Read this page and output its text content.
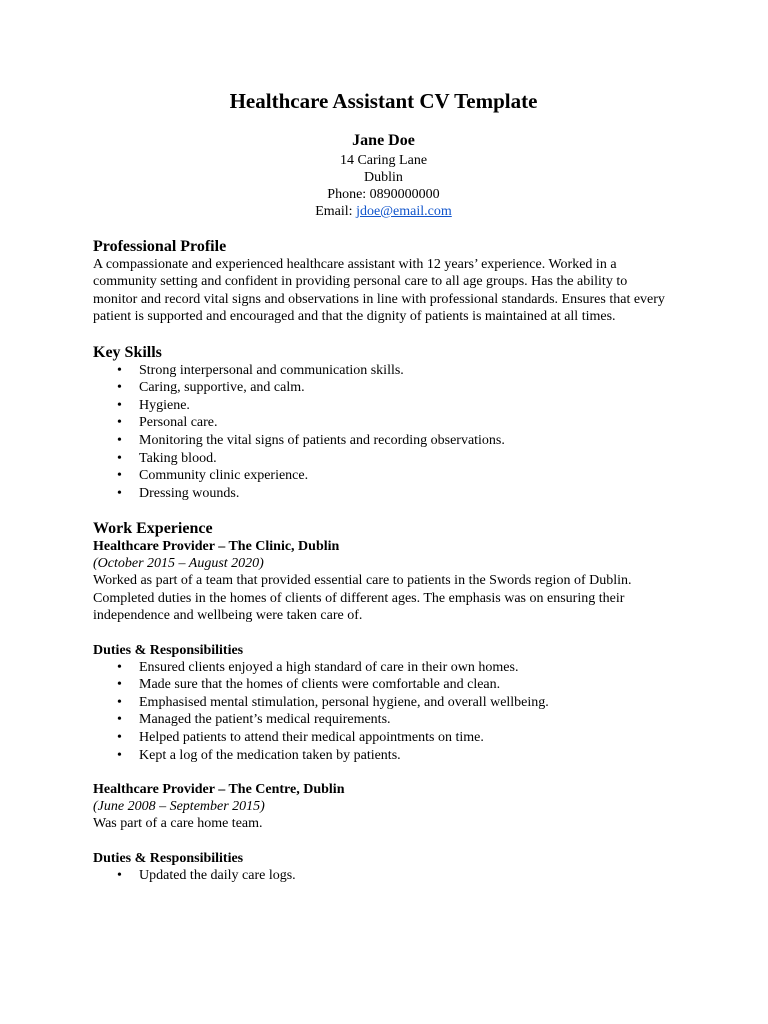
Healthcare Assistant CV Template
Jane Doe
14 Caring Lane
Dublin
Phone: 0890000000
Email: jdoe@email.com
Professional Profile

A compassionate and experienced healthcare assistant with 12 years’ experience. Worked in a community setting and confident in providing personal care to all age groups. Has the ability to monitor and record vital signs and observations in line with professional standards. Ensures that every patient is supported and encouraged and that the dignity of patients is maintained at all times.

Key Skills
• Strong interpersonal and communication skills.
• Caring, supportive, and calm.
• Hygiene.
• Personal care.
• Monitoring the vital signs of patients and recording observations.
• Taking blood.
• Community clinic experience.
• Dressing wounds.
Work Experience

Healthcare Provider – The Clinic, Dublin

(October 2015 – August 2020)

Worked as part of a team that provided essential care to patients in the Swords region of Dublin. Completed duties in the homes of clients of different ages. The emphasis was on ensuring their independence and wellbeing were taken care of.

Duties & Responsibilities

• Ensured clients enjoyed a high standard of care in their own homes.
• Made sure that the homes of clients were comfortable and clean.
• Emphasised mental stimulation, personal hygiene, and overall wellbeing.
• Managed the patient’s medical requirements.
• Helped patients to attend their medical appointments on time.
• Kept a log of the medication taken by patients.

Healthcare Provider – The Centre, Dublin

(June 2008 – September 2015)

Was part of a care home team.

Duties & Responsibilities

• Updated the daily care logs.
